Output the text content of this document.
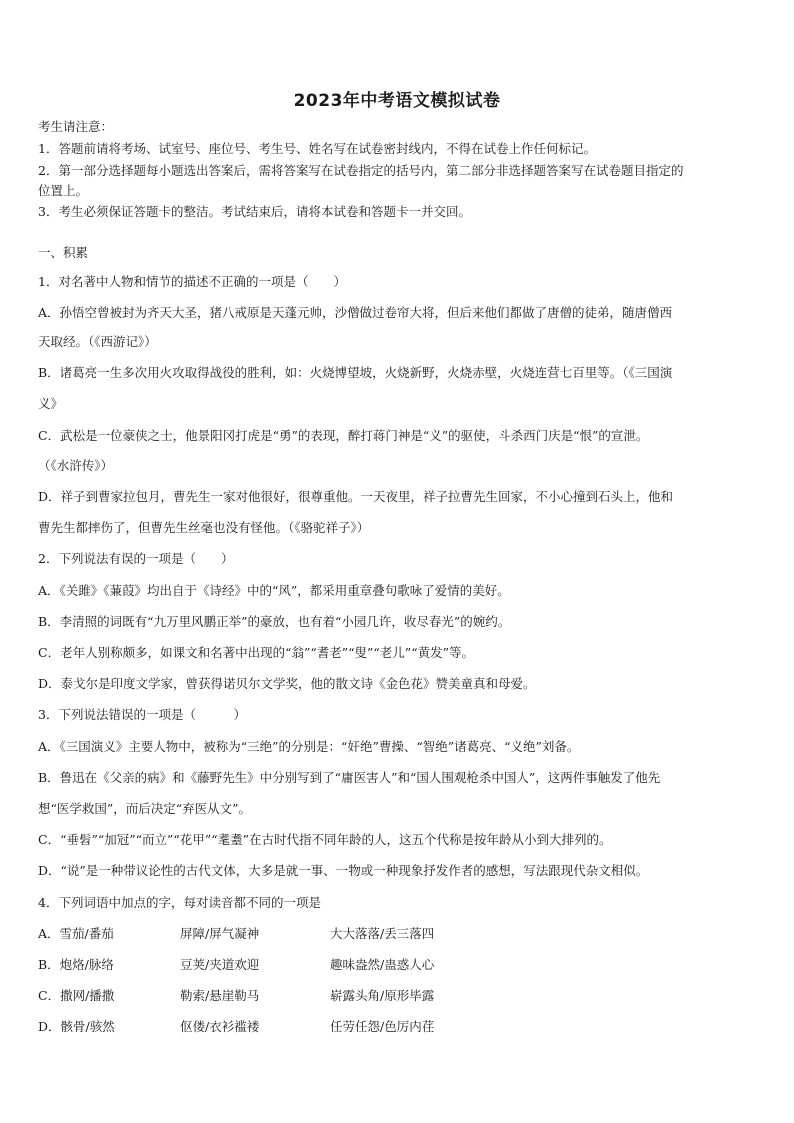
2023年中考语文模拟试卷
考生请注意：
1．答题前请将考场、试室号、座位号、考生号、姓名写在试卷密封线内，不得在试卷上作任何标记。
2．第一部分选择题每小题选出答案后，需将答案写在试卷指定的括号内，第二部分非选择题答案写在试卷题目指定的
位置上。
3．考生必须保证答题卡的整洁。考试结束后，请将本试卷和答题卡一并交回。
一、积累
1．对名著中人物和情节的描述不正确的一项是（　　）
A．孙悟空曾被封为齐天大圣，猪八戒原是天蓬元帅，沙僧做过卷帘大将，但后来他们都做了唐僧的徒弟，随唐僧西
天取经。（《西游记》）
B．诸葛亮一生多次用火攻取得战役的胜利，如：火烧博望坡，火烧新野，火烧赤壁，火烧连营七百里等。（《三国演
义》
C．武松是一位豪侠之士，他景阳冈打虎是“勇”的表现，醉打蒋门神是“义”的驱使，斗杀西门庆是“恨”的宣泄。
（《水浒传》）
D．祥子到曹家拉包月，曹先生一家对他很好，很尊重他。一天夜里，祥子拉曹先生回家，不小心撞到石头上，他和
曹先生都摔伤了，但曹先生丝毫也没有怪他。（《骆驼祥子》）
2．下列说法有误的一项是（　　）
A．《关雎》《蒹葭》均出自于《诗经》中的“风”，都采用重章叠句歌咏了爱情的美好。
B．李清照的词既有“九万里风鹏正举”的豪放，也有着“小园几许，收尽春光”的婉约。
C．老年人别称颇多，如课文和名著中出现的“翁”“耆老”“叟”“老儿”“黄发”等。
D．泰戈尔是印度文学家，曾获得诺贝尔文学奖，他的散文诗《金色花》赞美童真和母爱。
3．下列说法错误的一项是（　　　）
A．《三国演义》主要人物中，被称为“三绝”的分别是：“奸绝”曹操、“智绝”诸葛亮、“义绝”刘备。
B．鲁迅在《父亲的病》和《藤野先生》中分别写到了“庸医害人”和“国人围观枪杀中国人”，这两件事触发了他先
想“医学救国”，而后决定“弃医从文”。
C．“垂髫”“加冠”“而立”“花甲”“耄耋”在古时代指不同年龄的人，这五个代称是按年龄从小到大排列的。
D．“说”是一种带议论性的古代文体，大多是就一事、一物或一种现象抒发作者的感想，写法跟现代杂文相似。
4．下列词语中加点的字，每对读音都不同的一项是
A．雪茄/番茄	屏障/屏气凝神	大大落落/丢三落四
B．炮烙/脉络	豆荚/夹道欢迎	趣味盎然/蛊惑人心
C．撒网/播撒	勒索/悬崖勒马	崭露头角/原形毕露
D．骸骨/骇然	伛偻/衣衫褴褛	任劳任怨/色厉内荏
